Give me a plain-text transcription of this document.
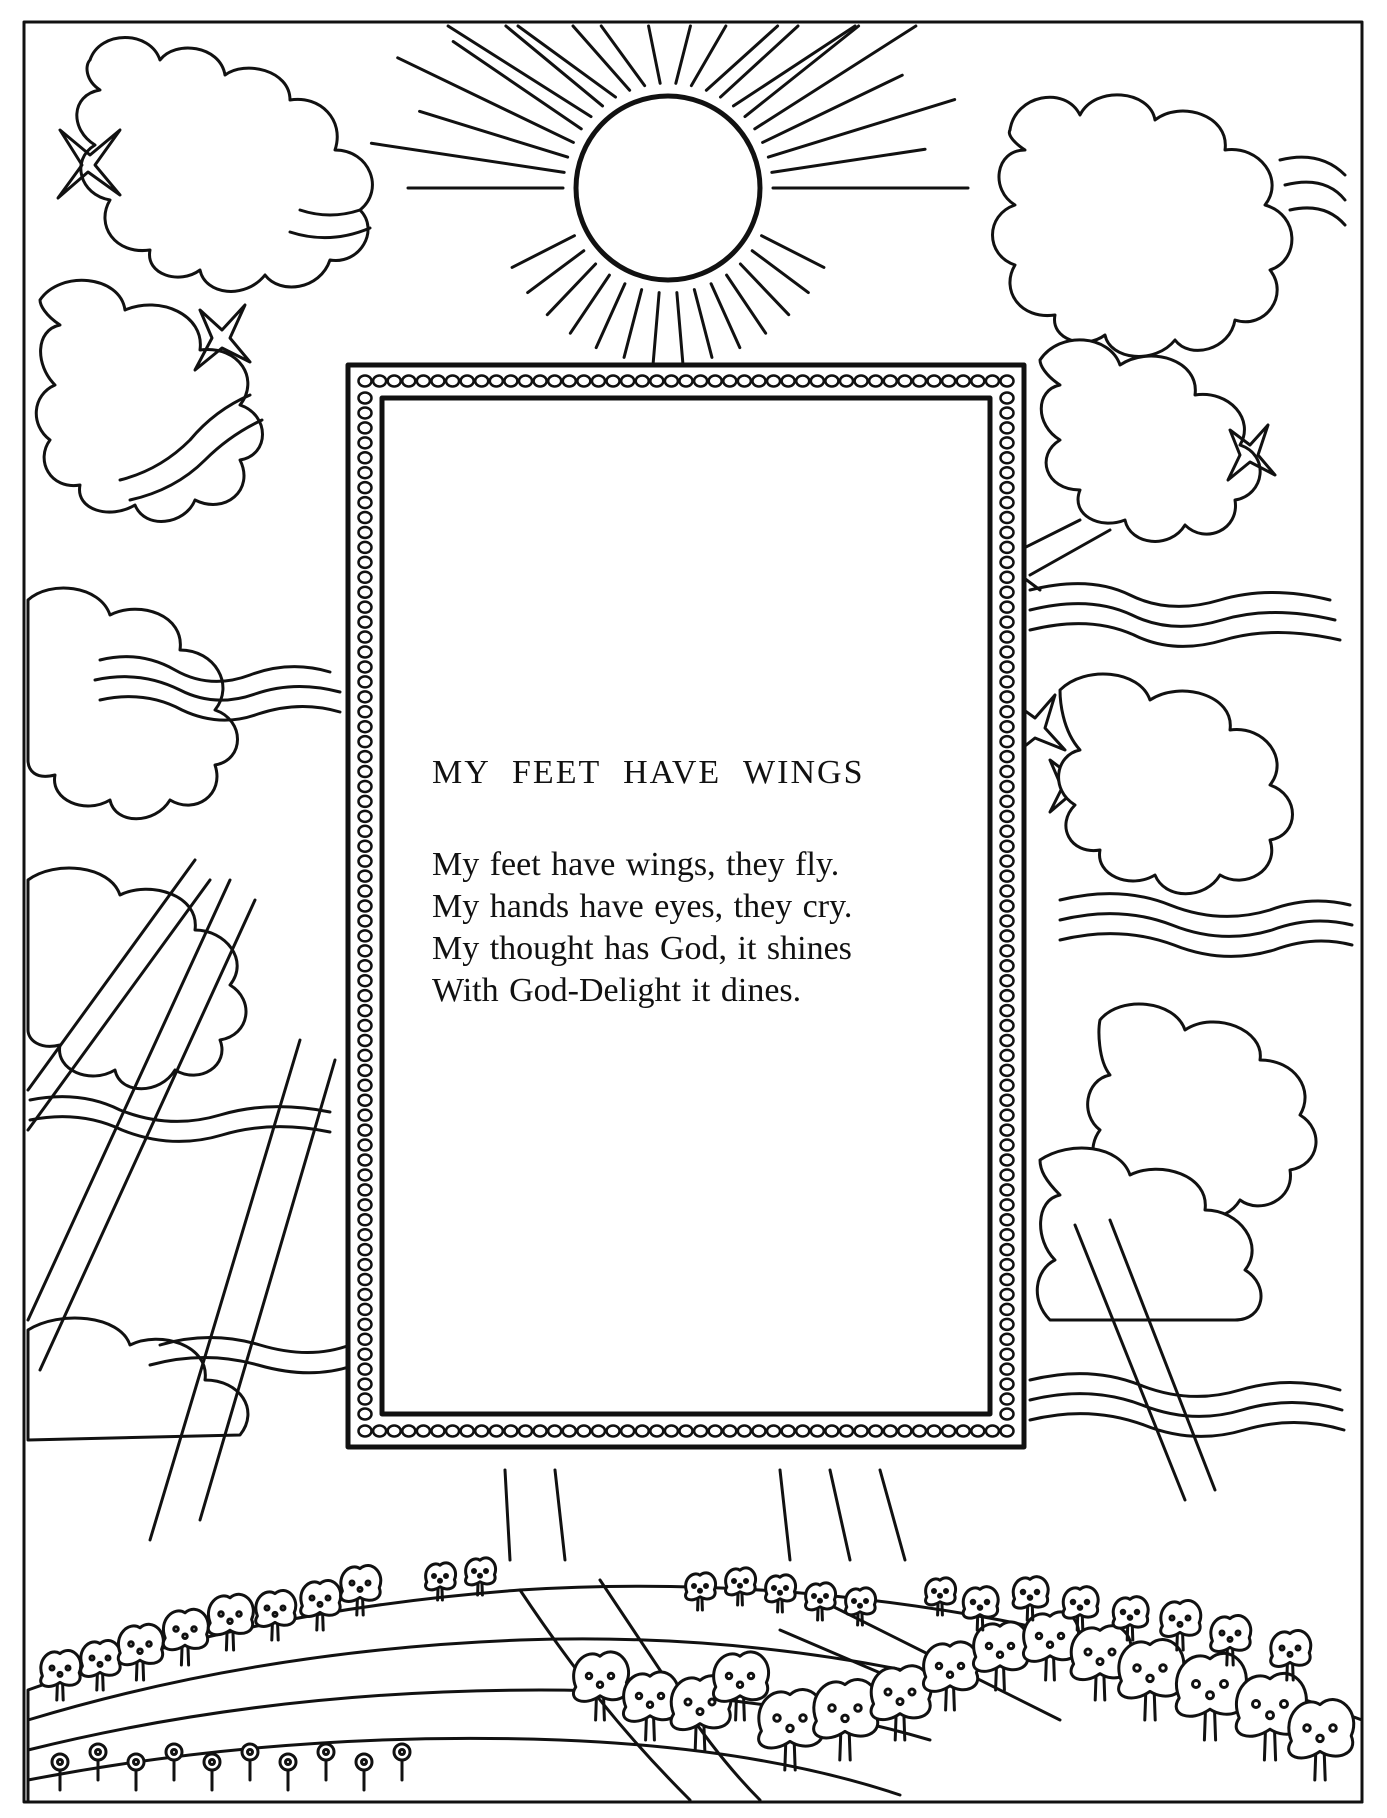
MY FEET HAVE WINGS
My feet have wings, they fly.
My hands have eyes, they cry.
My thought has God, it shines
With God-Delight it dines.
